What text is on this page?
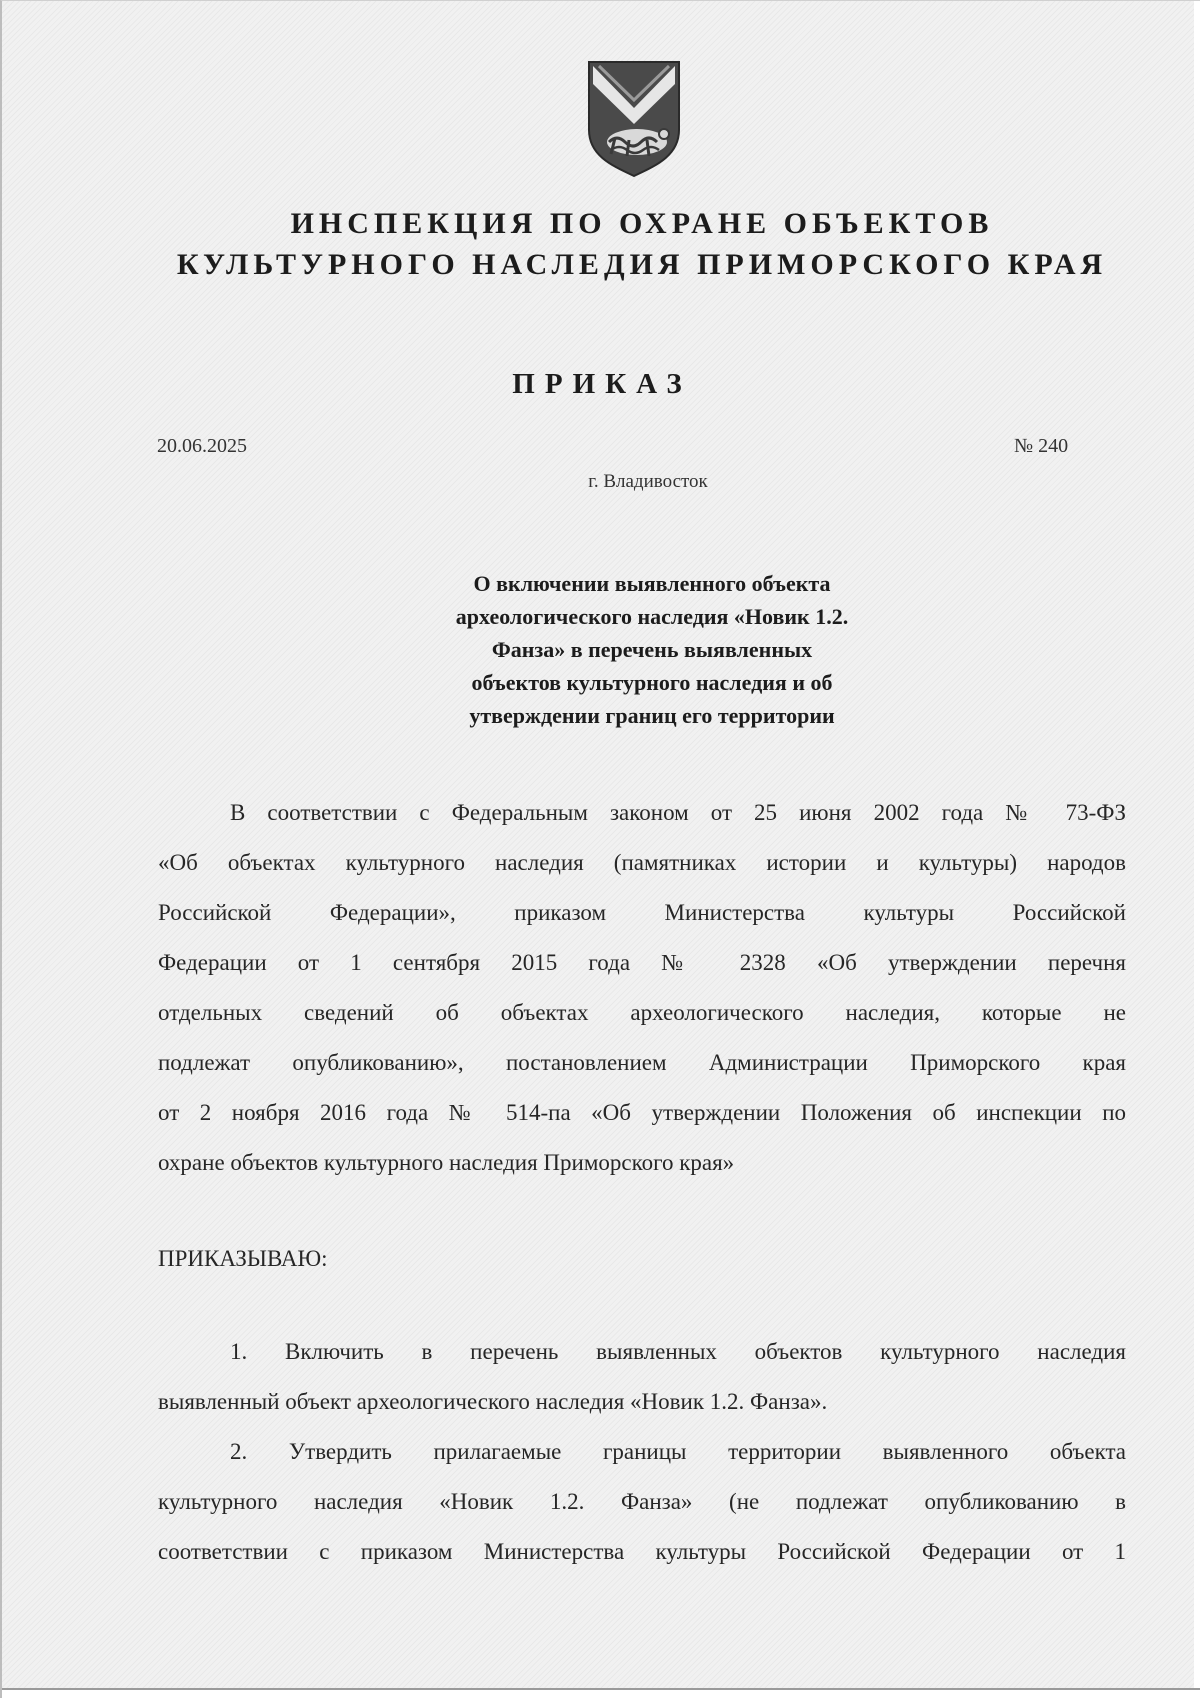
ИНСПЕКЦИЯ ПО ОХРАНЕ ОБЪЕКТОВ
КУЛЬТУРНОГО НАСЛЕДИЯ ПРИМОРСКОГО КРАЯ
ПРИКАЗ
20.06.2025	№ 240
г. Владивосток
О включении выявленного объекта
археологического наследия «Новик 1.2.
Фанза» в перечень выявленных
объектов культурного наследия и об
утверждении границ его территории
В соответствии с Федеральным законом от 25 июня 2002 года № 73-ФЗ
«Об объектах культурного наследия (памятниках истории и культуры) народов
Российской Федерации», приказом Министерства культуры Российской
Федерации от 1 сентября 2015 года № 2328 «Об утверждении перечня
отдельных сведений об объектах археологического наследия, которые не
подлежат опубликованию», постановлением Администрации Приморского края
от 2 ноября 2016 года № 514-па «Об утверждении Положения об инспекции по
охране объектов культурного наследия Приморского края»
ПРИКАЗЫВАЮ:
1. Включить в перечень выявленных объектов культурного наследия
выявленный объект археологического наследия «Новик 1.2. Фанза».
2. Утвердить прилагаемые границы территории выявленного объекта
культурного наследия «Новик 1.2. Фанза» (не подлежат опубликованию в
соответствии с приказом Министерства культуры Российской Федерации от 1
